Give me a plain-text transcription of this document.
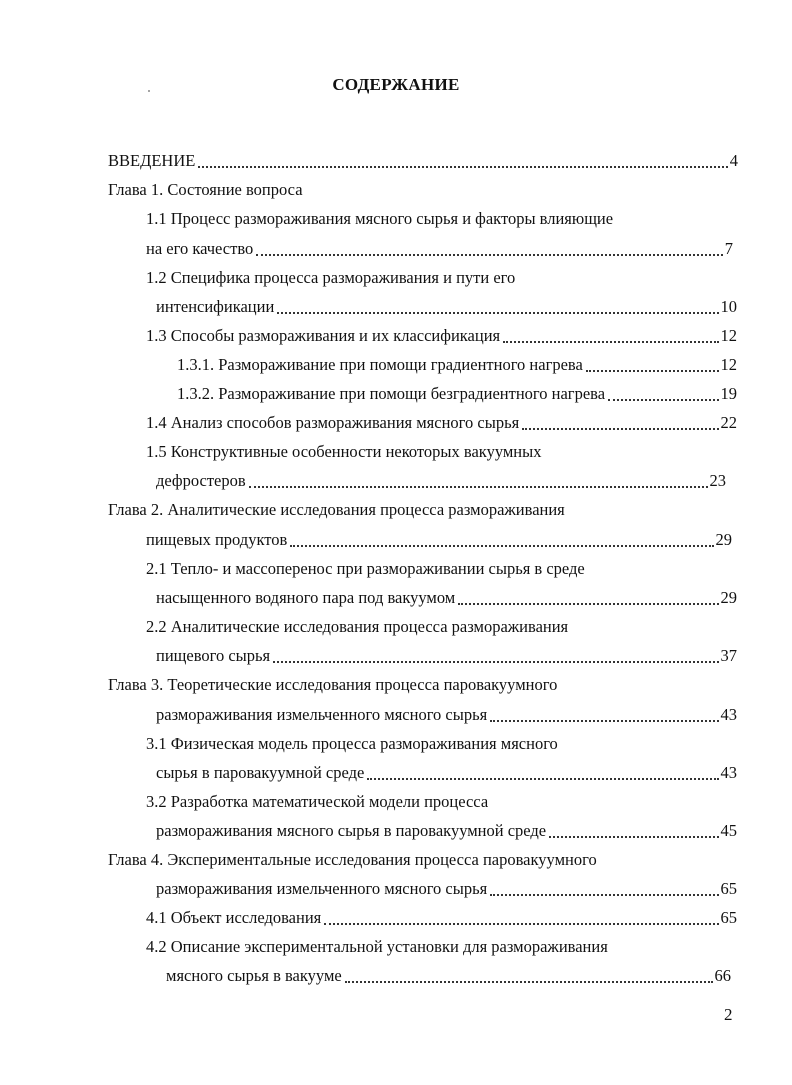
СОДЕРЖАНИЕ
ВВЕДЕНИЕ	4
Глава 1. Состояние вопроса
1.1 Процесс размораживания мясного сырья и факторы влияющие
на его качество	7
1.2 Специфика процесса размораживания и пути его
интенсификации	10
1.3 Способы размораживания и их классификация	12
1.3.1. Размораживание при помощи градиентного нагрева	12
1.3.2. Размораживание при помощи безградиентного нагрева	19
1.4 Анализ способов размораживания мясного сырья	22
1.5 Конструктивные особенности некоторых вакуумных
дефростеров	23
Глава 2. Аналитические исследования процесса размораживания
пищевых продуктов	29
2.1 Тепло- и массоперенос при размораживании сырья в среде
насыщенного водяного пара под вакуумом	29
2.2 Аналитические исследования процесса размораживания
пищевого сырья	37
Глава 3. Теоретические исследования процесса паровакуумного
размораживания измельченного мясного сырья	43
3.1 Физическая модель процесса размораживания мясного
сырья в паровакуумной среде	43
3.2 Разработка математической модели процесса
размораживания мясного сырья в паровакуумной среде	45
Глава 4. Экспериментальные исследования процесса паровакуумного
размораживания измельченного мясного сырья	65
4.1 Объект исследования	65
4.2 Описание экспериментальной установки для размораживания
мясного сырья в вакууме	66
2
